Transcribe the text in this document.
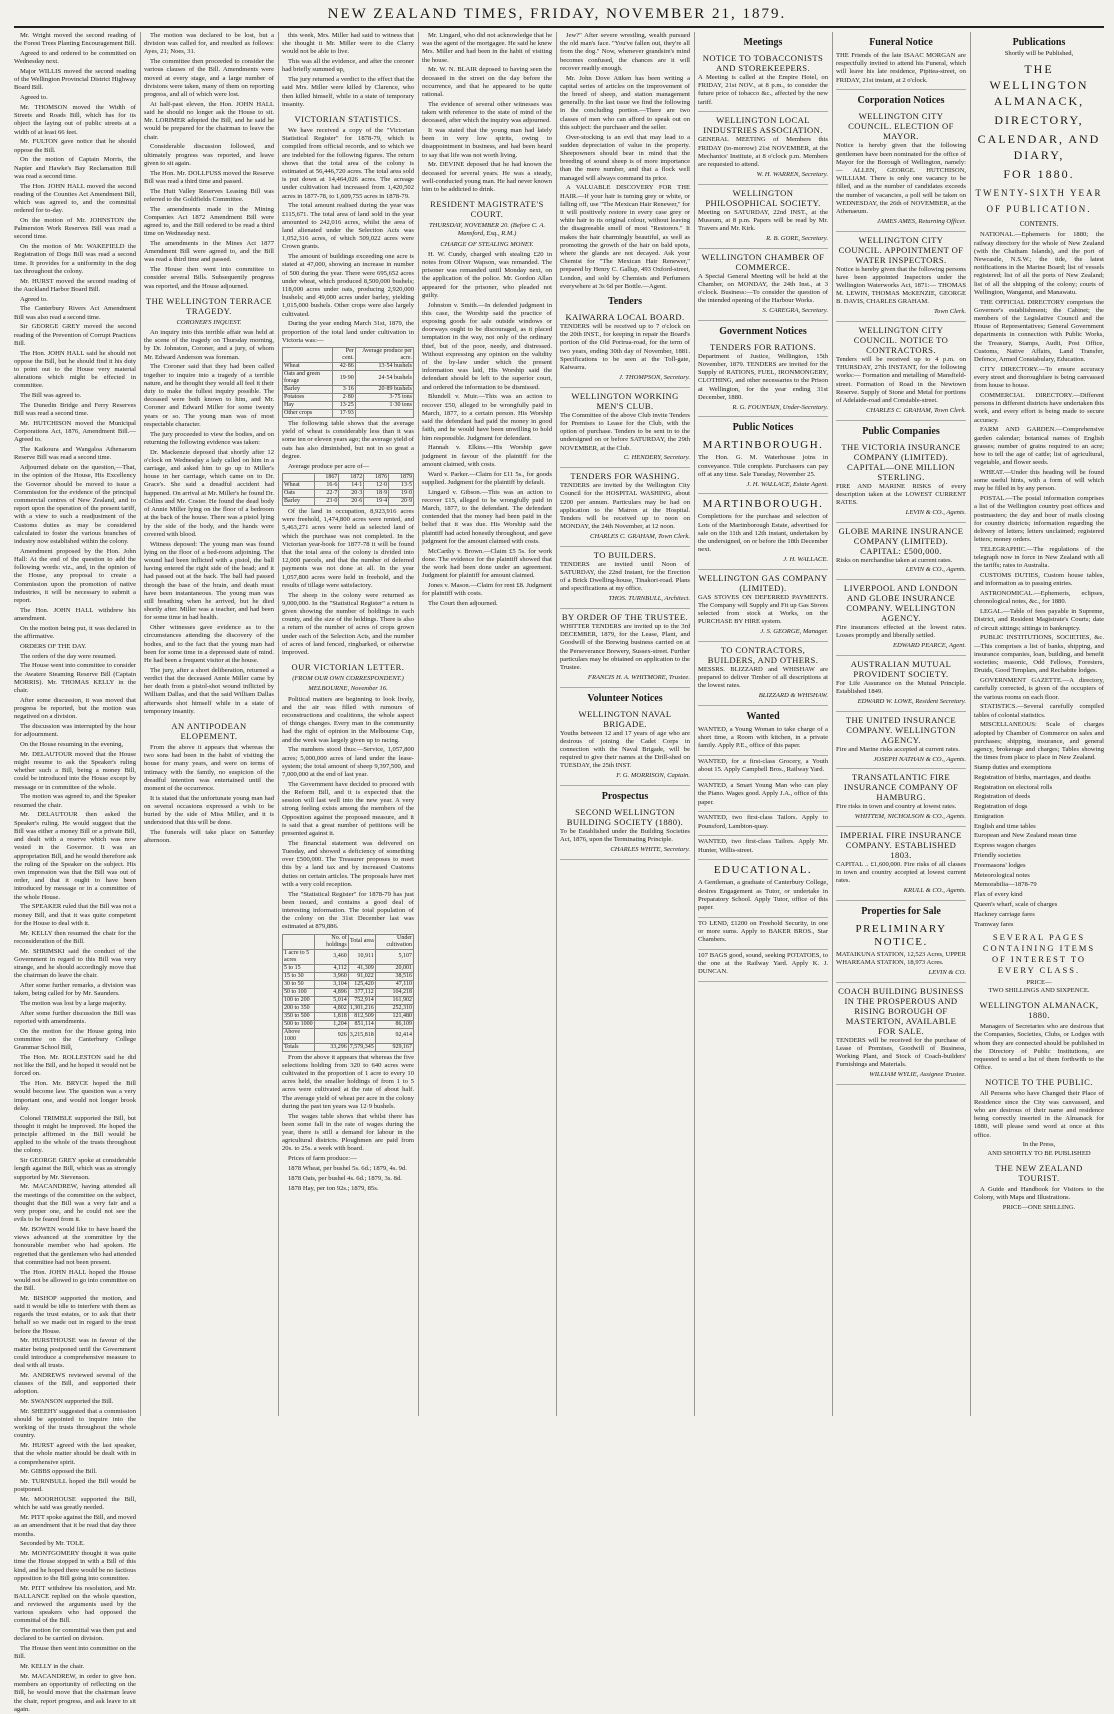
NEW ZEALAND TIMES, FRIDAY, NOVEMBER 21, 1879.

Mr. Wright moved the second reading of the Forest Trees Planting Encouragement Bill.

Agreed to and ordered to be committed on Wednesday next.

Major WILLIS moved the second reading of the Wellington Provincial District Highway Board Bill.

Agreed to.

Mr. THOMSON moved the Width of Streets and Roads Bill, which has for its object the laying out of public streets at a width of at least 66 feet.

Mr. FULTON gave notice that he should oppose the Bill.

On the motion of Captain Morris, the Napier and Hawke's Bay Reclamation Bill was read a second time.

The Hon. JOHN HALL moved the second reading of the Counties Act Amendment Bill, which was agreed to, and the committal ordered for to-day.

On the motion of Mr. JOHNSTON the Palmerston Work Reserves Bill was read a second time.

On the motion of Mr. WAKEFIELD the Registration of Dogs Bill was read a second time. It provides for a uniformity in the dog tax throughout the colony.

Mr. HURST moved the second reading of the Auckland Harbor Board Bill.

Agreed to.

The Canterbury Rivers Act Amendment Bill was also read a second time.

Sir GEORGE GREY moved the second reading of the Prevention of Corrupt Practices Bill.

The Hon. JOHN HALL said he should not oppose the Bill, but he should find it his duty to point out to the House very material alterations which might be effected in committee.

The Bill was agreed to.

The Dunedin Bridge and Ferry Reserves Bill was read a second time.

Mr. HUTCHISON moved the Municipal Corporations Act, 1876, Amendment Bill.—Agreed to.

The Kaikoura and Wangaloa Athenaeum Reserve Bill was read a second time.

Adjourned debate on the question,—That, in the opinion of the House, His Excellency the Governor should be moved to issue a Commission for the evidence of the principal commercial centres of New Zealand, and to report upon the operation of the present tariff, with a view to such a readjustment of the Customs duties as may be considered calculated to foster the various branches of industry now established within the colony.

Amendment proposed by the Hon. John Hall: At the end of the question to add the following words: viz., and, in the opinion of the House, any proposal to create a Commission upon the promotion of native industries, it will be necessary to submit a report.

The Hon. JOHN HALL withdrew his amendment.

On the motion being put, it was declared in the affirmative.

ORDERS OF THE DAY.

The orders of the day were resumed.

The House went into committee to consider the Awatere Steaming Reserve Bill (Captain MORRIS). Mr. THOMAS KELLY in the chair.

After some discussion, it was moved that progress be reported, but the motion was negatived on a division.

The discussion was interrupted by the hour for adjournment.

On the House resuming in the evening,

Mr. DELAUTOUR moved that the House might resume to ask the Speaker's ruling whether such a Bill, being a money Bill, could be introduced into the House except by message or in committee of the whole.

The motion was agreed to, and the Speaker resumed the chair.

Mr. DELAUTOUR then asked the Speaker's ruling. He would suggest that the Bill was either a money Bill or a private Bill, and dealt with a reserve which was now vested in the Governor. It was an appropriation Bill, and he would therefore ask the ruling of the Speaker on the subject. His own impression was that the Bill was out of order, and that it ought to have been introduced by message or in a committee of the whole House.

The SPEAKER ruled that the Bill was not a money Bill, and that it was quite competent for the House to deal with it.

Mr. KELLY then resumed the chair for the reconsideration of the Bill.

Mr. SHRIMSKI said the conduct of the Government in regard to this Bill was very strange, and he should accordingly move that the chairman do leave the chair.

After some further remarks, a division was taken, being called for by Mr. Saunders.

The motion was lost by a large majority.

After some further discussion the Bill was reported with amendments.

On the motion for the House going into committee on the Canterbury College Grammar School Bill,

The Hon. Mr. ROLLESTON said he did not like the Bill, and he hoped it would not be forced on.

The Hon. Mr. BRYCE hoped the Bill would become law. The question was a very important one, and would not longer brook delay.

Colonel TRIMBLE supported the Bill, but thought it might be improved. He hoped the principle affirmed in the Bill would be applied to the whole of the trusts throughout the colony.

Sir GEORGE GREY spoke at considerable length against the Bill, which was as strongly supported by Mr. Stevenson.

Mr. MACANDREW, having attended all the meetings of the committee on the subject, thought that the Bill was a very fair and a very proper one, and he could not see the evils to be feared from it.

Mr. BOWEN would like to have heard the views advanced at the committee by the honourable member who had spoken. He regretted that the gentlemen who had attended that committee had not been present.

The Hon. JOHN HALL hoped the House would not be allowed to go into committee on the Bill.

Mr. BISHOP supported the motion, and said it would be idle to interfere with them as regards the trust estates, or to ask that their behalf so we made out in regard to the trust before the House.

Mr. HURSTHOUSE was in favour of the matter being postponed until the Government could introduce a comprehensive measure to deal with all trusts.

Mr. ANDREWS reviewed several of the clauses of the Bill, and supported their adoption.

Mr. SWANSON supported the Bill.

Mr. SHEEHY suggested that a commission should be appointed to inquire into the working of the trusts throughout the whole country.

Mr. HURST agreed with the last speaker, that the whole matter should be dealt with in a comprehensive spirit.

Mr. GIBBS opposed the Bill.

Mr. TURNBULL hoped the Bill would be postponed.

Mr. MOORHOUSE supported the Bill, which he said was greatly needed.

Mr. PITT spoke against the Bill, and moved as an amendment that it be read that day three months.

Seconded by Mr. TOLE.

Mr. MONTGOMERY thought it was quite time the House stopped in with a Bill of this kind, and he hoped there would be no factious opposition to the Bill going into committee.

Mr. PITT withdrew his resolution, and Mr. BALLANCE replied on the whole question, and reviewed the arguments used by the various speakers who had opposed the committal of the Bill.

The motion for committal was then put and declared to be carried on division.

The House then went into committee on the Bill.

Mr. KELLY in the chair.

Mr. MACANDREW, in order to give hon. members an opportunity of reflecting on the Bill, he would move that the chairman leave the chair, report progress, and ask leave to sit again.

The motion was declared to be lost, but a division was called for, and resulted as follows: Ayes, 21; Noes, 31.

The committee then proceeded to consider the various clauses of the Bill. Amendments were moved at every stage, and a large number of divisions were taken, many of them on reporting progress, and all of which were lost.

At half-past eleven, the Hon. JOHN HALL said he should no longer ask the House to sit. Mr. LORIMER adopted the Bill, and he said he would be prepared for the chairman to leave the chair.

Considerable discussion followed, and ultimately progress was reported, and leave given to sit again.

The Hon. Mr. DOLLFUSS moved the Reserve Bill was read a third time and passed.

The Hutt Valley Reserves Leasing Bill was referred to the Goldfields Committee.

The amendments made in the Mining Companies Act 1872 Amendment Bill were agreed to, and the Bill ordered to be read a third time on Wednesday next.

The amendments in the Mines Act 1877 Amendment Bill were agreed to, and the Bill was read a third time and passed.

The House then went into committee to consider several Bills. Subsequently progress was reported, and the House adjourned.

THE WELLINGTON TERRACE TRAGEDY.
CORONER'S INQUEST.

An inquiry into this terrible affair was held at the scene of the tragedy on Thursday morning, by Dr. Johnston, Coroner, and a jury, of whom Mr. Edward Anderson was foreman.

The Coroner said that they had been called together to inquire into a tragedy of a terrible nature, and he thought they would all feel it their duty to make the fullest inquiry possible. The deceased were both known to him, and Mr. Coroner and Edward Miller for some twenty years or so. The young man was of most respectable character.

The jury proceeded to view the bodies, and on returning the following evidence was taken:

Dr. Mackenzie deposed that shortly after 12 o'clock on Wednesday a lady called on him in a carriage, and asked him to go up to Miller's house in her carriage, which came on to Dr. Grace's. She said a dreadful accident had happened. On arrival at Mr. Miller's he found Dr. Collins and Mr. Coster. He found the dead body of Annie Miller lying on the floor of a bedroom at the back of the house. There was a pistol lying by the side of the body, and the hands were covered with blood.

Witness deposed: The young man was found lying on the floor of a bed-room adjoining. The wound had been inflicted with a pistol, the ball having entered the right side of the head; and it had passed out at the back. The ball had passed through the base of the brain, and death must have been instantaneous. The young man was still breathing when he arrived, but he died shortly after. Miller was a teacher, and had been for some time in bad health.

Other witnesses gave evidence as to the circumstances attending the discovery of the bodies, and to the fact that the young man had been for some time in a depressed state of mind. He had been a frequent visitor at the house.

The jury, after a short deliberation, returned a verdict that the deceased Annie Miller came by her death from a pistol-shot wound inflicted by William Dallas, and that the said William Dallas afterwards shot himself while in a state of temporary insanity.

AN ANTIPODEAN ELOPEMENT.

From the above it appears that whereas the two sons had been in the habit of visiting the house for many years, and were on terms of intimacy with the family, no suspicion of the dreadful intention was entertained until the moment of the occurrence.

It is stated that the unfortunate young man had on several occasions expressed a wish to be buried by the side of Miss Miller, and it is understood that this will be done.

The funerals will take place on Saturday afternoon.

this week, Mrs. Miller had said to witness that she thought it Mr. Miller were to die Clarry would not be able to live.

This was all the evidence, and after the coroner had briefly summed up,

The jury returned a verdict to the effect that the said Mrs. Miller were killed by Clarence, who then killed himself, while in a state of temporary insanity.

VICTORIAN STATISTICS.

We have received a copy of the "Victorian Statistical Register" for 1878-79, which is compiled from official records, and to which we are indebted for the following figures. The return shows that the total area of the colony is estimated at 56,446,720 acres. The total area sold is put down at 14,464,026 acres. The acreage under cultivation had increased from 1,420,502 acres in 1877-78, to 1,609,755 acres in 1878-79.

The total amount realised during the year was £115,671. The total area of land sold in the year amounted to 242,016 acres, whilst the area of land alienated under the Selection Acts was 1,052,316 acres, of which 509,022 acres were Crown grants.

The amount of buildings exceeding one acre is stated at 47,000, showing an increase in number of 500 during the year. There were 695,652 acres under wheat, which produced 8,500,000 bushels; 118,000 acres under oats, producing 2,920,000 bushels; and 49,000 acres under barley, yielding 1,015,000 bushels. Other crops were also largely cultivated.

During the year ending March 31st, 1879, the proportion of the total land under cultivation in Victoria was:—

	Per cent.	Average produce per acre.
Wheat	42·86	13·54 bushels
Oats and green forage	19·90	24·54 bushels
Barley	3·16	20·89 bushels
Potatoes	2·80	3·75 tons
Hay	13·25	1·30 tons
Other crops	17·93	

The following table shows that the average yield of wheat is considerably less than it was some ten or eleven years ago; the average yield of oats has also diminished, but not in so great a degree.

Average produce per acre of—

	1867	1872	1876	1879
Wheat	16·6	14·1	12·0	13·5
Oats	22·7	20·3	18·9	19·0
Barley	23·0	20·6	19·4	20·9

Of the land in occupation, 8,923,916 acres were freehold, 1,474,800 acres were rented, and 5,463,271 acres were held as selected land of which the purchase was not completed. In the Victorian year-book for 1877-78 it will be found that the total area of the colony is divided into 12,000 parcels, and that the number of deferred payments was not done at all. In the year 1,057,800 acres were held in freehold, and the results of tillage were satisfactory.

The sheep in the colony were returned as 9,000,000. In the "Statistical Register" a return is given showing the number of holdings in each county, and the size of the holdings. There is also a return of the number of acres of crops grown under each of the Selection Acts, and the number of acres of land fenced, ringbarked, or otherwise improved.

OUR VICTORIAN LETTER.
(FROM OUR OWN CORRESPONDENT.)
MELBOURNE, November 16.

Political matters are beginning to look lively, and the air was filled with rumours of reconstructions and coalitions, the whole aspect of things changes. Every man in the community had the right of opinion in the Melbourne Cup, and the week was largely given up to racing.

The numbers stood thus:—Service, 1,057,800 acres; 5,000,000 acres of land under the lease-system; the total amount of sheep 9,397,500, and 7,000,000 at the end of last year.

The Government have decided to proceed with the Reform Bill, and it is expected that the session will last well into the new year. A very strong feeling exists among the members of the Opposition against the proposed measure, and it is said that a great number of petitions will be presented against it.

The financial statement was delivered on Tuesday, and showed a deficiency of something over £500,000. The Treasurer proposes to meet this by a land tax and by increased Customs duties on certain articles. The proposals have met with a very cold reception.

The "Statistical Register" for 1878-79 has just been issued, and contains a good deal of interesting information. The total population of the colony on the 31st December last was estimated at 879,886.

	No. of holdings	Total area	Under cultivation
1 acre to 5 acres	3,460	10,911	5,107
5 to 15	4,112	41,309	20,001
15 to 30	3,960	91,022	38,516
30 to 50	3,104	125,420	47,110
50 to 100	4,896	377,112	104,218
100 to 200	5,014	752,914	161,902
200 to 350	4,802	1,301,216	252,310
350 to 500	1,818	812,509	121,480
500 to 1000	1,204	851,114	86,109
Above 1000	926	3,215,818	92,414
Totals	33,296	7,579,345	929,167

From the above it appears that whereas the five selections holding from 320 to 640 acres were cultivated in the proportion of 1 acre to every 10 acres held, the smaller holdings of from 1 to 5 acres were cultivated at the rate of about half. The average yield of wheat per acre in the colony during the past ten years was 12·9 bushels.

The wages table shows that whilst there has been some fall in the rate of wages during the year, there is still a demand for labour in the agricultural districts. Ploughmen are paid from 20s. to 25s. a week with board.

Prices of farm produce:—

1878 Wheat, per bushel 5s. 6d.; 1879, 4s. 9d.

1878 Oats, per bushel 4s. 6d.; 1879, 3s. 8d.

1878 Hay, per ton 92s.; 1879, 85s.

Mr. Lingard, who did not acknowledge that he was the agent of the mortgagee. He said he knew Mrs. Miller and had been in the habit of visiting the house.

Mr. W. N. BLAIR deposed to having seen the deceased in the street on the day before the occurrence, and that he appeared to be quite rational.

The evidence of several other witnesses was taken with reference to the state of mind of the deceased, after which the inquiry was adjourned.

It was stated that the young man had lately been in very low spirits, owing to disappointment in business, and had been heard to say that life was not worth living.

Mr. DEVINE deposed that he had known the deceased for several years. He was a steady, well-conducted young man. He had never known him to be addicted to drink.

RESIDENT MAGISTRATE'S COURT.
THURSDAY, NOVEMBER 20. (Before C. A. Mansford, Esq., R.M.)
CHARGE OF STEALING MONEY.

H. W. Cundy, charged with stealing £20 in notes from Oliver Wapson, was remanded. The prisoner was remanded until Monday next, on the application of the police. Mr. Gordon Allan appeared for the prisoner, who pleaded not guilty.

Johnston v. Smith.—In defended judgment in this case, the Worship said the practice of exposing goods for sale outside windows or doorways ought to be discouraged, as it placed temptation in the way, not only of the ordinary thief, but of the poor, needy, and distressed. Without expressing any opinion on the validity of the by-law under which the present information was laid, His Worship said the defendant should be left to the superior court, and ordered the information to be dismissed.

Blundell v. Muir.—This was an action to recover £50, alleged to be wrongfully paid in March, 1877, to a certain person. His Worship said the defendant had paid the money in good faith, and he would have been unwilling to hold him responsible. Judgment for defendant.

Hannah v. Elkins.—His Worship gave judgment in favour of the plaintiff for the amount claimed, with costs.

Ward v. Parker.—Claim for £11 5s., for goods supplied. Judgment for the plaintiff by default.

Lingard v. Gibson.—This was an action to recover £15, alleged to be wrongfully paid in March, 1877, to the defendant. The defendant contended that the money had been paid in the belief that it was due. His Worship said the plaintiff had acted honestly throughout, and gave judgment for the amount claimed with costs.

McCarthy v. Brown.—Claim £5 5s. for work done. The evidence for the plaintiff showed that the work had been done under an agreement. Judgment for plaintiff for amount claimed.

Jones v. Mason.—Claim for rent £8. Judgment for plaintiff with costs.

The Court then adjourned.

Jew?" After severe wrestling, wealth pursued the old man's face. "You've fallen out, they're all from the dog." Now, whenever grandsire's mind becomes confused, the chances are it will recover readily enough.

Mr. John Dove Aitken has been writing a capital series of articles on the improvement of the breed of sheep, and station management generally. In the last issue we find the following in the concluding portion.—There are two classes of men who can afford to speak out on this subject: the purchaser and the seller.

Over-stocking is an evil that may lead to a sudden depreciation of value in the property. Sheepowners should bear in mind that the breeding of sound sheep is of more importance than the mere number, and that a flock well managed will always command its price.

A VALUABLE DISCOVERY FOR THE HAIR.—If your hair is turning grey or white, or falling off, use "The Mexican Hair Renewer," for it will positively restore in every case grey or white hair to its original colour, without leaving the disagreeable smell of most "Restorers." It makes the hair charmingly beautiful, as well as promoting the growth of the hair on bald spots, where the glands are not decayed. Ask your Chemist for "The Mexican Hair Renewer," prepared by Henry C. Gallup, 493 Oxford-street, London, and sold by Chemists and Perfumers everywhere at 3s 6d per Bottle.—Agent.

Tenders
KAIWARRA LOCAL BOARD.

TENDERS will be received up to 7 o'clock on the 20th INST., for keeping in repair the Board's portion of the Old Porirua-road, for the term of two years, ending 30th day of November, 1881. Specifications to be seen at the Toll-gate, Kaiwarra.

J. THOMPSON, Secretary.

WELLINGTON WORKING MEN'S CLUB.

The Committee of the above Club invite Tenders for Premises to Lease for the Club, with the option of purchase. Tenders to be sent in to the undersigned on or before SATURDAY, the 29th NOVEMBER, at the Club.

C. HENDERY, Secretary.

TENDERS FOR WASHING.

TENDERS are invited by the Wellington City Council for the HOSPITAL WASHING, about £200 per annum. Particulars may be had on application to the Matron at the Hospital. Tenders will be received up to noon on MONDAY, the 24th November, at 12 noon.

CHARLES C. GRAHAM, Town Clerk.

TO BUILDERS.

TENDERS are invited until Noon of SATURDAY, the 22nd Instant, for the Erection of a Brick Dwelling-house, Tinakori-road. Plans and specifications at my office.

THOS. TURNBULL, Architect.

BY ORDER OF THE TRUSTEE.

WHITTER TENDERS are invited up to the 3rd DECEMBER, 1879, for the Lease, Plant, and Goodwill of the Brewing business carried on at the Perseverance Brewery, Sussex-street. Further particulars may be obtained on application to the Trustee.

FRANCIS H. A. WHITMORE, Trustee.

Volunteer Notices
WELLINGTON NAVAL BRIGADE.

Youths between 12 and 17 years of age who are desirous of joining the Cadet Corps in connection with the Naval Brigade, will be required to give their names at the Drill-shed on TUESDAY, the 25th INST.

F. G. MORRISON, Captain.

Prospectus
SECOND WELLINGTON BUILDING SOCIETY (1880).

To be Established under the Building Societies Act, 1876, upon the Terminating Principle.

CHARLES WHITE, Secretary.

Meetings
NOTICE TO TOBACCONISTS AND STOREKEEPERS.

A Meeting is called at the Empire Hotel, on FRIDAY, 21st NOV., at 8 p.m., to consider the future price of tobacco &c., affected by the new tariff.

WELLINGTON LOCAL INDUSTRIES ASSOCIATION.

GENERAL MEETING of Members this FRIDAY (to-morrow) 21st NOVEMBER, at the Mechanics' Institute, at 8 o'clock p.m. Members are requested to attend.

W. H. WARREN, Secretary.

WELLINGTON PHILOSOPHICAL SOCIETY.

Meeting on SATURDAY, 22nd INST., at the Museum, at 8 p.m. Papers will be read by Mr. Travers and Mr. Kirk.

R. B. GORE, Secretary.

WELLINGTON CHAMBER OF COMMERCE.

A Special General Meeting will be held at the Chamber, on MONDAY, the 24th Inst., at 3 o'clock. Business:—To consider the question of the intended opening of the Harbour Works.

S. CAREGRA, Secretary.

Government Notices
TENDERS FOR RATIONS.

Department of Justice, Wellington, 15th November, 1879. TENDERS are invited for the Supply of RATIONS, FUEL, IRONMONGERY, CLOTHING, and other necessaries to the Prison at Wellington, for the year ending 31st December, 1880.

R. G. FOUNTAIN, Under-Secretary.

Public Notices
MARTINBOROUGH.

The Hon. G. M. Waterhouse joins in conveyance. Title complete. Purchasers can pay off at any time. Sale Tuesday, November 25.

J. H. WALLACE, Estate Agent.

MARTINBOROUGH.

Completions for the purchase and selection of Lots of the Martinborough Estate, advertised for sale on the 11th and 12th instant, undertaken by the undersigned, on or before the 18th December next.

J. H. WALLACE.

WELLINGTON GAS COMPANY (LIMITED).

GAS STOVES ON DEFERRED PAYMENTS. The Company will Supply and Fit up Gas Stoves selected from stock at Works, on the PURCHASE BY HIRE system.

J. S. GEORGE, Manager.

TO CONTRACTORS, BUILDERS, AND OTHERS.

MESSRS. BLIZZARD and WHISHAW are prepared to deliver Timber of all descriptions at the lowest rates.

BLIZZARD & WHISHAW.

Wanted

WANTED, a Young Woman to take charge of a short time, a Room with kitchen, in a private family. Apply P.E., office of this paper.

WANTED, for a first-class Grocery, a Youth about 15. Apply Campbell Bros., Railway Yard.

WANTED, a Smart Young Man who can play the Piano. Wages good. Apply J.A., office of this paper.

WANTED, two first-class Tailors. Apply to Pounsford, Lambton-quay.

WANTED, two first-class Tailors. Apply Mr. Hunter, Willis-street.

EDUCATIONAL.

A Gentleman, a graduate of Canterbury College, desires Engagement as Tutor, or undertake in Preparatory School. Apply Tutor, office of this paper.

TO LEND, £1200 on Freehold Security, in one or more sums. Apply to BAKER BROS., Star Chambers.

107 BAGS good, sound, seeking POTATOES, to the one at the Railway Yard. Apply K. J. DUNCAN.

Funeral Notice

THE Friends of the late ISAAC MORGAN are respectfully invited to attend his Funeral, which will leave his late residence, Pipitea-street, on FRIDAY, 21st instant, at 2 o'clock.

Corporation Notices
WELLINGTON CITY COUNCIL. ELECTION OF MAYOR.

Notice is hereby given that the following gentlemen have been nominated for the office of Mayor for the Borough of Wellington, namely:— ALLEN, GEORGE. HUTCHISON, WILLIAM. There is only one vacancy to be filled, and as the number of candidates exceeds the number of vacancies, a poll will be taken on WEDNESDAY, the 26th of NOVEMBER, at the Athenaeum.

JAMES AMES, Returning Officer.

WELLINGTON CITY COUNCIL. APPOINTMENT OF WATER INSPECTORS.

Notice is hereby given that the following persons have been appointed Inspectors under the Wellington Waterworks Act, 1871:— THOMAS M. LEWIN, THOMAS McKENZIE, GEORGE B. DAVIS, CHARLES GRAHAM.

Town Clerk.

WELLINGTON CITY COUNCIL. NOTICE TO CONTRACTORS.

Tenders will be received up to 4 p.m. on THURSDAY, 27th INSTANT, for the following works:— Formation and metalling of Mansfield-street. Formation of Road in the Newtown Reserve. Supply of Stone and Metal for portions of Adelaide-road and Constable-street.

CHARLES C. GRAHAM, Town Clerk.

Public Companies
THE VICTORIA INSURANCE COMPANY (LIMITED). CAPITAL—ONE MILLION STERLING.

FIRE AND MARINE RISKS of every description taken at the LOWEST CURRENT RATES.

LEVIN & CO., Agents.

GLOBE MARINE INSURANCE COMPANY (LIMITED). CAPITAL: £500,000.

Risks on merchandise taken at current rates.

LEVIN & CO., Agents.

LIVERPOOL AND LONDON AND GLOBE INSURANCE COMPANY. WELLINGTON AGENCY.

Fire insurances effected at the lowest rates. Losses promptly and liberally settled.

EDWARD PEARCE, Agent.

AUSTRALIAN MUTUAL PROVIDENT SOCIETY.

For Life Assurance on the Mutual Principle. Established 1849.

EDWARD W. LOWE, Resident Secretary.

THE UNITED INSURANCE COMPANY. WELLINGTON AGENCY.

Fire and Marine risks accepted at current rates.

JOSEPH NATHAN & CO., Agents.

TRANSATLANTIC FIRE INSURANCE COMPANY OF HAMBURG.

Fire risks in town and country at lowest rates.

WHITTEM, NICHOLSON & CO., Agents.

IMPERIAL FIRE INSURANCE COMPANY. ESTABLISHED 1803.

CAPITAL .. £1,600,000. Fire risks of all classes in town and country accepted at lowest current rates.

KRULL & CO., Agents.

Properties for Sale
PRELIMINARY NOTICE.

MATAIKUNA STATION, 12,523 Acres, UPPER WHAREAMA STATION, 18,973 Acres.

LEVIN & CO.

COACH BUILDING BUSINESS IN THE PROSPEROUS AND RISING BOROUGH OF MASTERTON, AVAILABLE FOR SALE.

TENDERS will be received for the purchase of Lease of Premises, Goodwill of Business, Working Plant, and Stock of Coach-builders' Furnishings and Materials.

WILLIAM WYLIE, Assignee Trustee.

Publications

Shortly will be Published,

THE WELLINGTON ALMANACK,
DIRECTORY,
CALENDAR, AND DIARY,
FOR 1880.
TWENTY-SIXTH YEAR OF PUBLICATION.
CONTENTS.

NATIONAL.—Ephemeris for 1880; the railway directory for the whole of New Zealand (with the Chatham Islands), and the port of Newcastle, N.S.W.; the tide, the latest notifications in the Marine Board; list of vessels registered; list of all the ports of New Zealand; list of all the shipping of the colony; courts of Wellington, Wanganui, and Manawatu.

THE OFFICIAL DIRECTORY comprises the Governor's establishment; the Cabinet; the members of the Legislative Council and the House of Representatives; General Government departments in connection with Public Works, the Treasury, Stamps, Audit, Post Office, Customs, Native Affairs, Land Transfer, Defence, Armed Constabulary, Education.

CITY DIRECTORY.—To ensure accuracy every street and thoroughfare is being canvassed from house to house.

COMMERCIAL DIRECTORY.—Different persons in different districts have undertaken this work, and every effort is being made to secure accuracy.

FARM AND GARDEN.—Comprehensive garden calendar; botanical names of English grasses; number of grains required to an acre; how to tell the age of cattle; list of agricultural, vegetable, and flower seeds.

WHEAT.—Under this heading will be found some useful hints, with a form of will which may be filled in by any person.

POSTAL.—The postal information comprises a list of the Wellington country post offices and postmasters; the day and hour of mails closing for country districts; information regarding the delivery of letters; letters unclaimed; registered letters; money orders.

TELEGRAPHIC.—The regulations of the telegraph now in force in New Zealand with all the tariffs; rates to Australia.

CUSTOMS DUTIES, Custom house tables, and information as to passing entries.

ASTRONOMICAL.—Ephemeris, eclipses, chronological notes, &c., for 1880.

LEGAL.—Table of fees payable in Supreme, District, and Resident Magistrate's Courts; date of circuit sittings; sittings in bankruptcy.

PUBLIC INSTITUTIONS, SOCIETIES, &c.—This comprises a list of banks, shipping, and insurance companies, loan, building, and benefit societies; masonic, Odd Fellows, Foresters, Druids, Good Templars, and Rechabite lodges.

GOVERNMENT GAZETTE.—A directory, carefully corrected, is given of the occupiers of the various rooms on each floor.

STATISTICS.—Several carefully compiled tables of colonial statistics.

MISCELLANEOUS: Scale of charges adopted by Chamber of Commerce on sales and purchases; shipping, insurance, and general agency, brokerage and charges; Tables showing the times from place to place in New Zealand.

Stamp duties and exemptions

Registration of births, marriages, and deaths

Registration on electoral rolls

Registration of deeds

Registration of dogs

Emigration

English and time tables

European and New Zealand mean time

Express wagon charges

Friendly societies

Freemasons' lodges

Meteorological notes

Memorabilia—1878-79

Flax of every kind

Queen's wharf, scale of charges

Hackney carriage fares

Tramway fares

SEVERAL PAGES CONTAINING ITEMS OF INTEREST TO EVERY CLASS.
PRICE—
TWO SHILLINGS AND SIXPENCE.
WELLINGTON ALMANACK, 1880.

Managers of Secretaries who are desirous that the Companies, Societies, Clubs, or Lodges with whom they are connected should be published in the Directory of Public Institutions, are requested to send a list of them forthwith to the Office.

NOTICE TO THE PUBLIC.

All Persons who have Changed their Place of Residence since the City was canvassed, and who are desirous of their name and residence being correctly inserted in the Almanack for 1880, will please send word at once at this office.

In the Press,
AND SHORTLY TO BE PUBLISHED
THE NEW ZEALAND TOURIST.

A Guide and Handbook for Visitors to the Colony, with Maps and Illustrations.

PRICE—ONE SHILLING.
